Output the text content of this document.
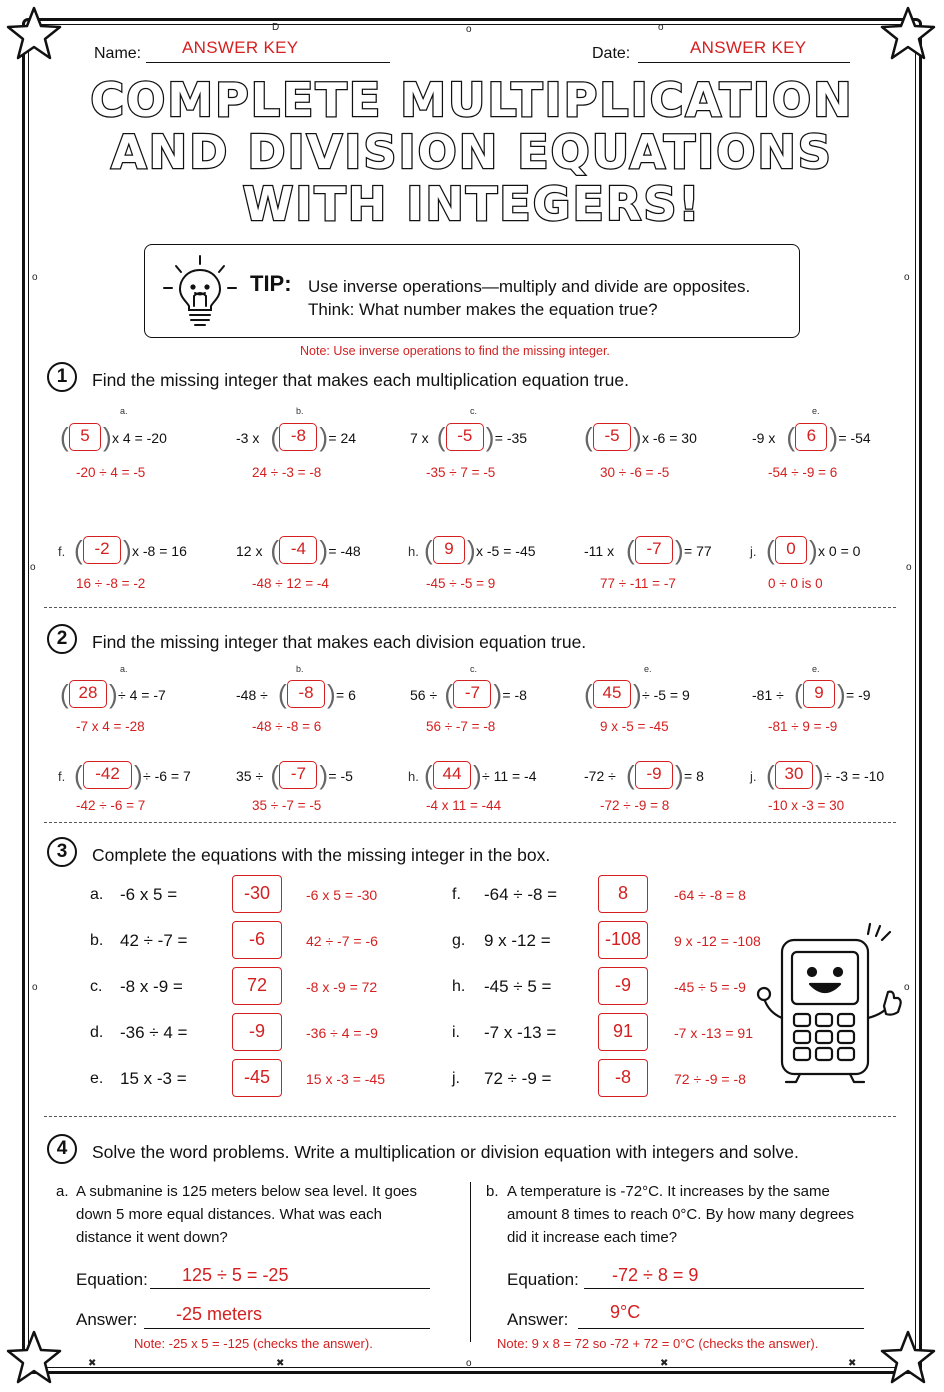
D	o	o
o	o
o	o
o	o
✖	✖	o	✖	✖
Name: ANSWER KEY	Date:	ANSWER KEY
COMPLETE MULTIPLICATION
AND DIVISION EQUATIONS
WITH INTEGERS!
TIP: Use inverse operations—multiply and divide are opposites.
Think: What number makes the equation true?
Note: Use inverse operations to find the missing integer.
1	Find the missing integer that makes each multiplication equation true.
a.
( 5 ) x 4 = -20
-20 ÷ 4 = -5
b.
-3 x ( -8 ) = 24
24 ÷ -3 = -8
c.
7 x ( -5 ) = -35
-35 ÷ 7 = -5
( -5 ) x -6 = 30
30 ÷ -6 = -5
e.
-9 x ( 6 ) = -54
-54 ÷ -9 = 6
f. ( -2 ) x -8 = 16
16 ÷ -8 = -2
12 x ( -4 ) = -48
-48 ÷ 12 = -4
h. ( 9 ) x -5 = -45
-45 ÷ -5 = 9
-11 x ( -7 ) = 77
77 ÷ -11 = -7
j. ( 0 ) x 0 = 0
0 ÷ 0 is 0
2	Find the missing integer that makes each division equation true.
a.
( 28 ) ÷ 4 = -7
-7 x 4 = -28
b.
-48 ÷ ( -8 ) = 6
-48 ÷ -8 = 6
c.
56 ÷ ( -7 ) = -8
56 ÷ -7 = -8
e.
( 45 ) ÷ -5 = 9
9 x -5 = -45
e.
-81 ÷ ( 9 ) = -9
-81 ÷ 9 = -9
f. ( -42 ) ÷ -6 = 7
-42 ÷ -6 = 7
35 ÷ ( -7 ) = -5
35 ÷ -7 = -5
h. ( 44 ) ÷ 11 = -4
-4 x 11 = -44
-72 ÷ ( -9 ) = 8
-72 ÷ -9 = 8
j. ( 30 ) ÷ -3 = -10
-10 x -3 = 30
3	Complete the equations with the missing integer in the box.
a. -6 x 5 =	-30	-6 x 5 = -30
b. 42 ÷ -7 =	-6	42 ÷ -7 = -6
c. -8 x -9 =	72	-8 x -9 = 72
d. -36 ÷ 4 =	-9	-36 ÷ 4 = -9
e. 15 x -3 =	-45	15 x -3 = -45
f. -64 ÷ -8 =	8	-64 ÷ -8 = 8
g. 9 x -12 =	-108	9 x -12 = -108
h. -45 ÷ 5 =	-9	-45 ÷ 5 = -9
i. -7 x -13 =	91	-7 x -13 = 91
j. 72 ÷ -9 =	-8	72 ÷ -9 = -8
4	Solve the word problems. Write a multiplication or division equation with integers and solve.
a. A submanine is 125 meters below sea level. It goes
down 5 more equal distances. What was each
distance it went down?
Equation: 125 ÷ 5 = -25
Answer: -25 meters
Note: -25 x 5 = -125 (checks the answer).
b. A temperature is -72°C. It increases by the same
amount 8 times to reach 0°C. By how many degrees
did it increase each time?
Equation: -72 ÷ 8 = 9
Answer: 9°C
Note: 9 x 8 = 72 so -72 + 72 = 0°C (checks the answer).
